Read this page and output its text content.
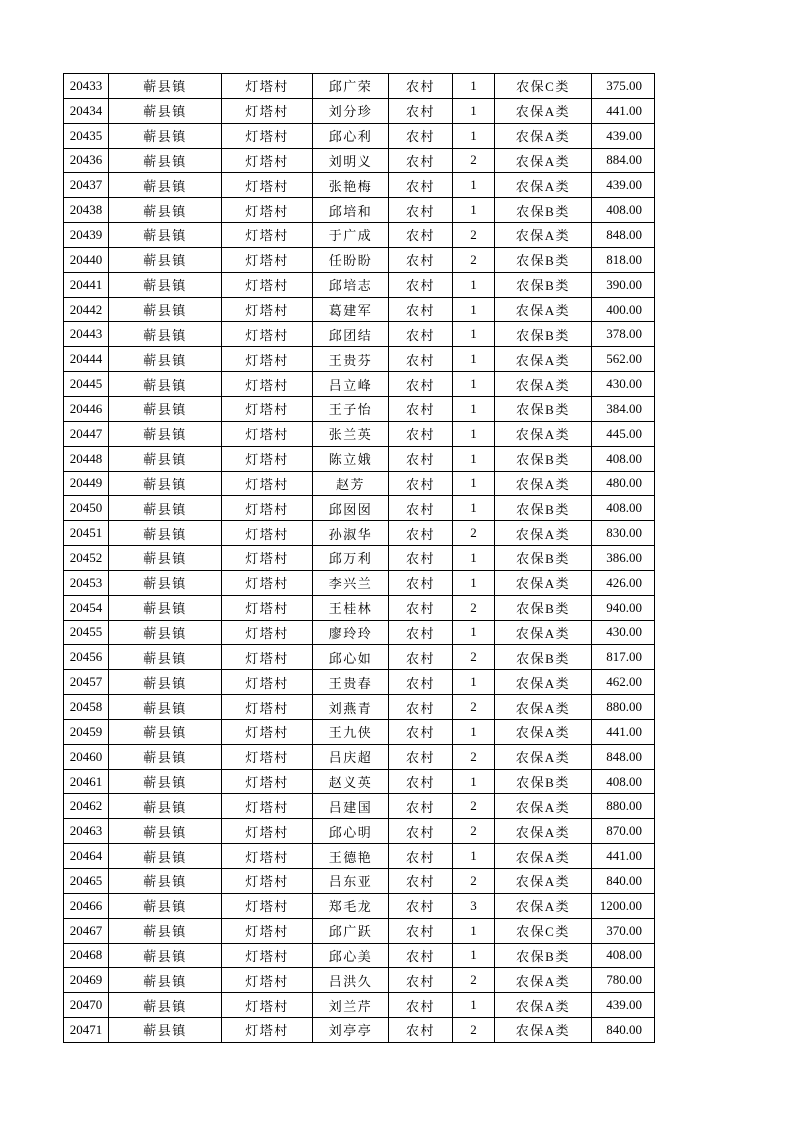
20433	蕲县镇	灯塔村	邱广荣	农村	1	农保C类	375.00
20434	蕲县镇	灯塔村	刘分珍	农村	1	农保A类	441.00
20435	蕲县镇	灯塔村	邱心利	农村	1	农保A类	439.00
20436	蕲县镇	灯塔村	刘明义	农村	2	农保A类	884.00
20437	蕲县镇	灯塔村	张艳梅	农村	1	农保A类	439.00
20438	蕲县镇	灯塔村	邱培和	农村	1	农保B类	408.00
20439	蕲县镇	灯塔村	于广成	农村	2	农保A类	848.00
20440	蕲县镇	灯塔村	任盼盼	农村	2	农保B类	818.00
20441	蕲县镇	灯塔村	邱培志	农村	1	农保B类	390.00
20442	蕲县镇	灯塔村	葛建军	农村	1	农保A类	400.00
20443	蕲县镇	灯塔村	邱团结	农村	1	农保B类	378.00
20444	蕲县镇	灯塔村	王贵芬	农村	1	农保A类	562.00
20445	蕲县镇	灯塔村	吕立峰	农村	1	农保A类	430.00
20446	蕲县镇	灯塔村	王子怡	农村	1	农保B类	384.00
20447	蕲县镇	灯塔村	张兰英	农村	1	农保A类	445.00
20448	蕲县镇	灯塔村	陈立娥	农村	1	农保B类	408.00
20449	蕲县镇	灯塔村	赵芳	农村	1	农保A类	480.00
20450	蕲县镇	灯塔村	邱囡囡	农村	1	农保B类	408.00
20451	蕲县镇	灯塔村	孙淑华	农村	2	农保A类	830.00
20452	蕲县镇	灯塔村	邱万利	农村	1	农保B类	386.00
20453	蕲县镇	灯塔村	李兴兰	农村	1	农保A类	426.00
20454	蕲县镇	灯塔村	王桂林	农村	2	农保B类	940.00
20455	蕲县镇	灯塔村	廖玲玲	农村	1	农保A类	430.00
20456	蕲县镇	灯塔村	邱心如	农村	2	农保B类	817.00
20457	蕲县镇	灯塔村	王贵春	农村	1	农保A类	462.00
20458	蕲县镇	灯塔村	刘燕青	农村	2	农保A类	880.00
20459	蕲县镇	灯塔村	王九侠	农村	1	农保A类	441.00
20460	蕲县镇	灯塔村	吕庆超	农村	2	农保A类	848.00
20461	蕲县镇	灯塔村	赵义英	农村	1	农保B类	408.00
20462	蕲县镇	灯塔村	吕建国	农村	2	农保A类	880.00
20463	蕲县镇	灯塔村	邱心明	农村	2	农保A类	870.00
20464	蕲县镇	灯塔村	王德艳	农村	1	农保A类	441.00
20465	蕲县镇	灯塔村	吕东亚	农村	2	农保A类	840.00
20466	蕲县镇	灯塔村	郑毛龙	农村	3	农保A类	1200.00
20467	蕲县镇	灯塔村	邱广跃	农村	1	农保C类	370.00
20468	蕲县镇	灯塔村	邱心美	农村	1	农保B类	408.00
20469	蕲县镇	灯塔村	吕洪久	农村	2	农保A类	780.00
20470	蕲县镇	灯塔村	刘兰芹	农村	1	农保A类	439.00
20471	蕲县镇	灯塔村	刘亭亭	农村	2	农保A类	840.00
